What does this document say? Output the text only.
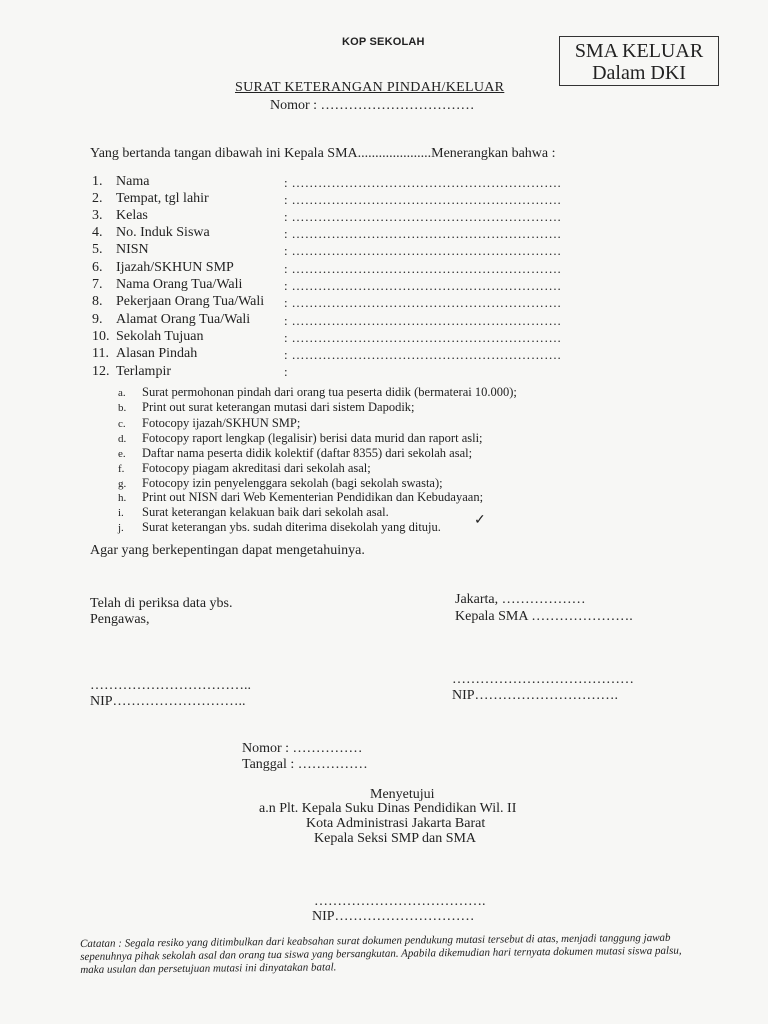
KOP SEKOLAH	SMA KELUAR
Dalam DKI
SURAT KETERANGAN PINDAH/KELUAR
Nomor : ……………………………
Yang bertanda tangan dibawah ini Kepala SMA.....................Menerangkan bahwa :
1. Nama	: …………………………………………………….
2. Tempat, tgl lahir	: …………………………………………………….
3. Kelas	: …………………………………………………….
4. No. Induk Siswa	: …………………………………………………….
5. NISN	: …………………………………………………….
6. Ijazah/SKHUN SMP	: …………………………………………………….
7. Nama Orang Tua/Wali	: …………………………………………………….
8. Pekerjaan Orang Tua/Wali : …………………………………………………….
9. Alamat Orang Tua/Wali	: …………………………………………………….
10. Sekolah Tujuan	: …………………………………………………….
11. Alasan Pindah	: …………………………………………………….
12. Terlampir	:
a. Surat permohonan pindah dari orang tua peserta didik (bermaterai 10.000);
b. Print out surat keterangan mutasi dari sistem Dapodik;
c. Fotocopy ijazah/SKHUN SMP;
d. Fotocopy raport lengkap (legalisir) berisi data murid dan raport asli;
e. Daftar nama peserta didik kolektif (daftar 8355) dari sekolah asal;
f. Fotocopy piagam akreditasi dari sekolah asal;
g. Fotocopy izin penyelenggara sekolah (bagi sekolah swasta);
h. Print out NISN dari Web Kementerian Pendidikan dan Kebudayaan;
i. Surat keterangan kelakuan baik dari sekolah asal.
j. Surat keterangan ybs. sudah diterima disekolah yang dituju. ✓
Agar yang berkepentingan dapat mengetahuinya.
Telah di periksa data ybs.
Pengawas,
……………………………..
NIP………………………..
Jakarta, ………………
Kepala SMA ………………….
…………………………………
NIP………………………….
Nomor : ……………
Tanggal : ……………
Menyetujui
a.n Plt. Kepala Suku Dinas Pendidikan Wil. II
Kota Administrasi Jakarta Barat
Kepala Seksi SMP dan SMA
……………………………….
NIP…………………………
Catatan : Segala resiko yang ditimbulkan dari keabsahan surat dokumen pendukung mutasi tersebut di atas, menjadi tanggung jawab sepenuhnya pihak sekolah asal dan orang tua siswa yang bersangkutan. Apabila dikemudian hari ternyata dokumen mutasi siswa palsu, maka usulan dan persetujuan mutasi ini dinyatakan batal.
